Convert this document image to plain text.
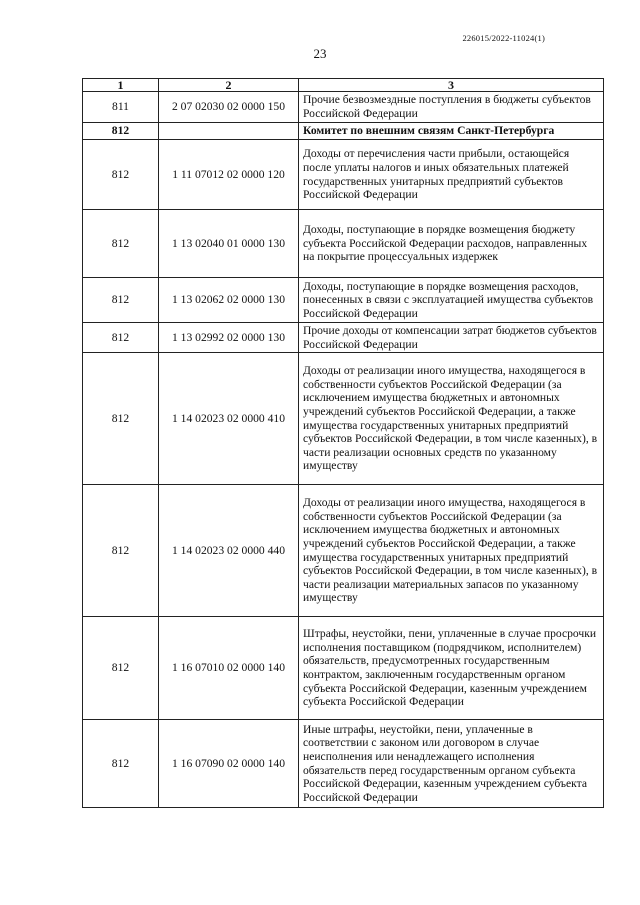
226015/2022-11024(1)
23
1	2	3
811	2 07 02030 02 0000 150	Прочие безвозмездные поступления в бюджеты субъектов Российской Федерации
812		Комитет по внешним связям Санкт-Петербурга
812	1 11 07012 02 0000 120	Доходы от перечисления части прибыли, остающейся после уплаты налогов и иных обязательных платежей государственных унитарных предприятий субъектов Российской Федерации
812	1 13 02040 01 0000 130	Доходы, поступающие в порядке возмещения бюджету субъекта Российской Федерации расходов, направленных на покрытие процессуальных издержек
812	1 13 02062 02 0000 130	Доходы, поступающие в порядке возмещения расходов, понесенных в связи с эксплуатацией имущества субъектов Российской Федерации
812	1 13 02992 02 0000 130	Прочие доходы от компенсации затрат бюджетов субъектов Российской Федерации
812	1 14 02023 02 0000 410	Доходы от реализации иного имущества, находящегося в собственности субъектов Российской Федерации (за исключением имущества бюджетных и автономных учреждений субъектов Российской Федерации, а также имущества государственных унитарных предприятий субъектов Российской Федерации, в том числе казенных), в части реализации основных средств по указанному имуществу
812	1 14 02023 02 0000 440	Доходы от реализации иного имущества, находящегося в собственности субъектов Российской Федерации (за исключением имущества бюджетных и автономных учреждений субъектов Российской Федерации, а также имущества государственных унитарных предприятий субъектов Российской Федерации, в том числе казенных), в части реализации материальных запасов по указанному имуществу
812	1 16 07010 02 0000 140	Штрафы, неустойки, пени, уплаченные в случае просрочки исполнения поставщиком (подрядчиком, исполнителем) обязательств, предусмотренных государственным контрактом, заключенным государственным органом субъекта Российской Федерации, казенным учреждением субъекта Российской Федерации
812	1 16 07090 02 0000 140	Иные штрафы, неустойки, пени, уплаченные в соответствии с законом или договором в случае неисполнения или ненадлежащего исполнения обязательств перед государственным органом субъекта Российской Федерации, казенным учреждением субъекта Российской Федерации
